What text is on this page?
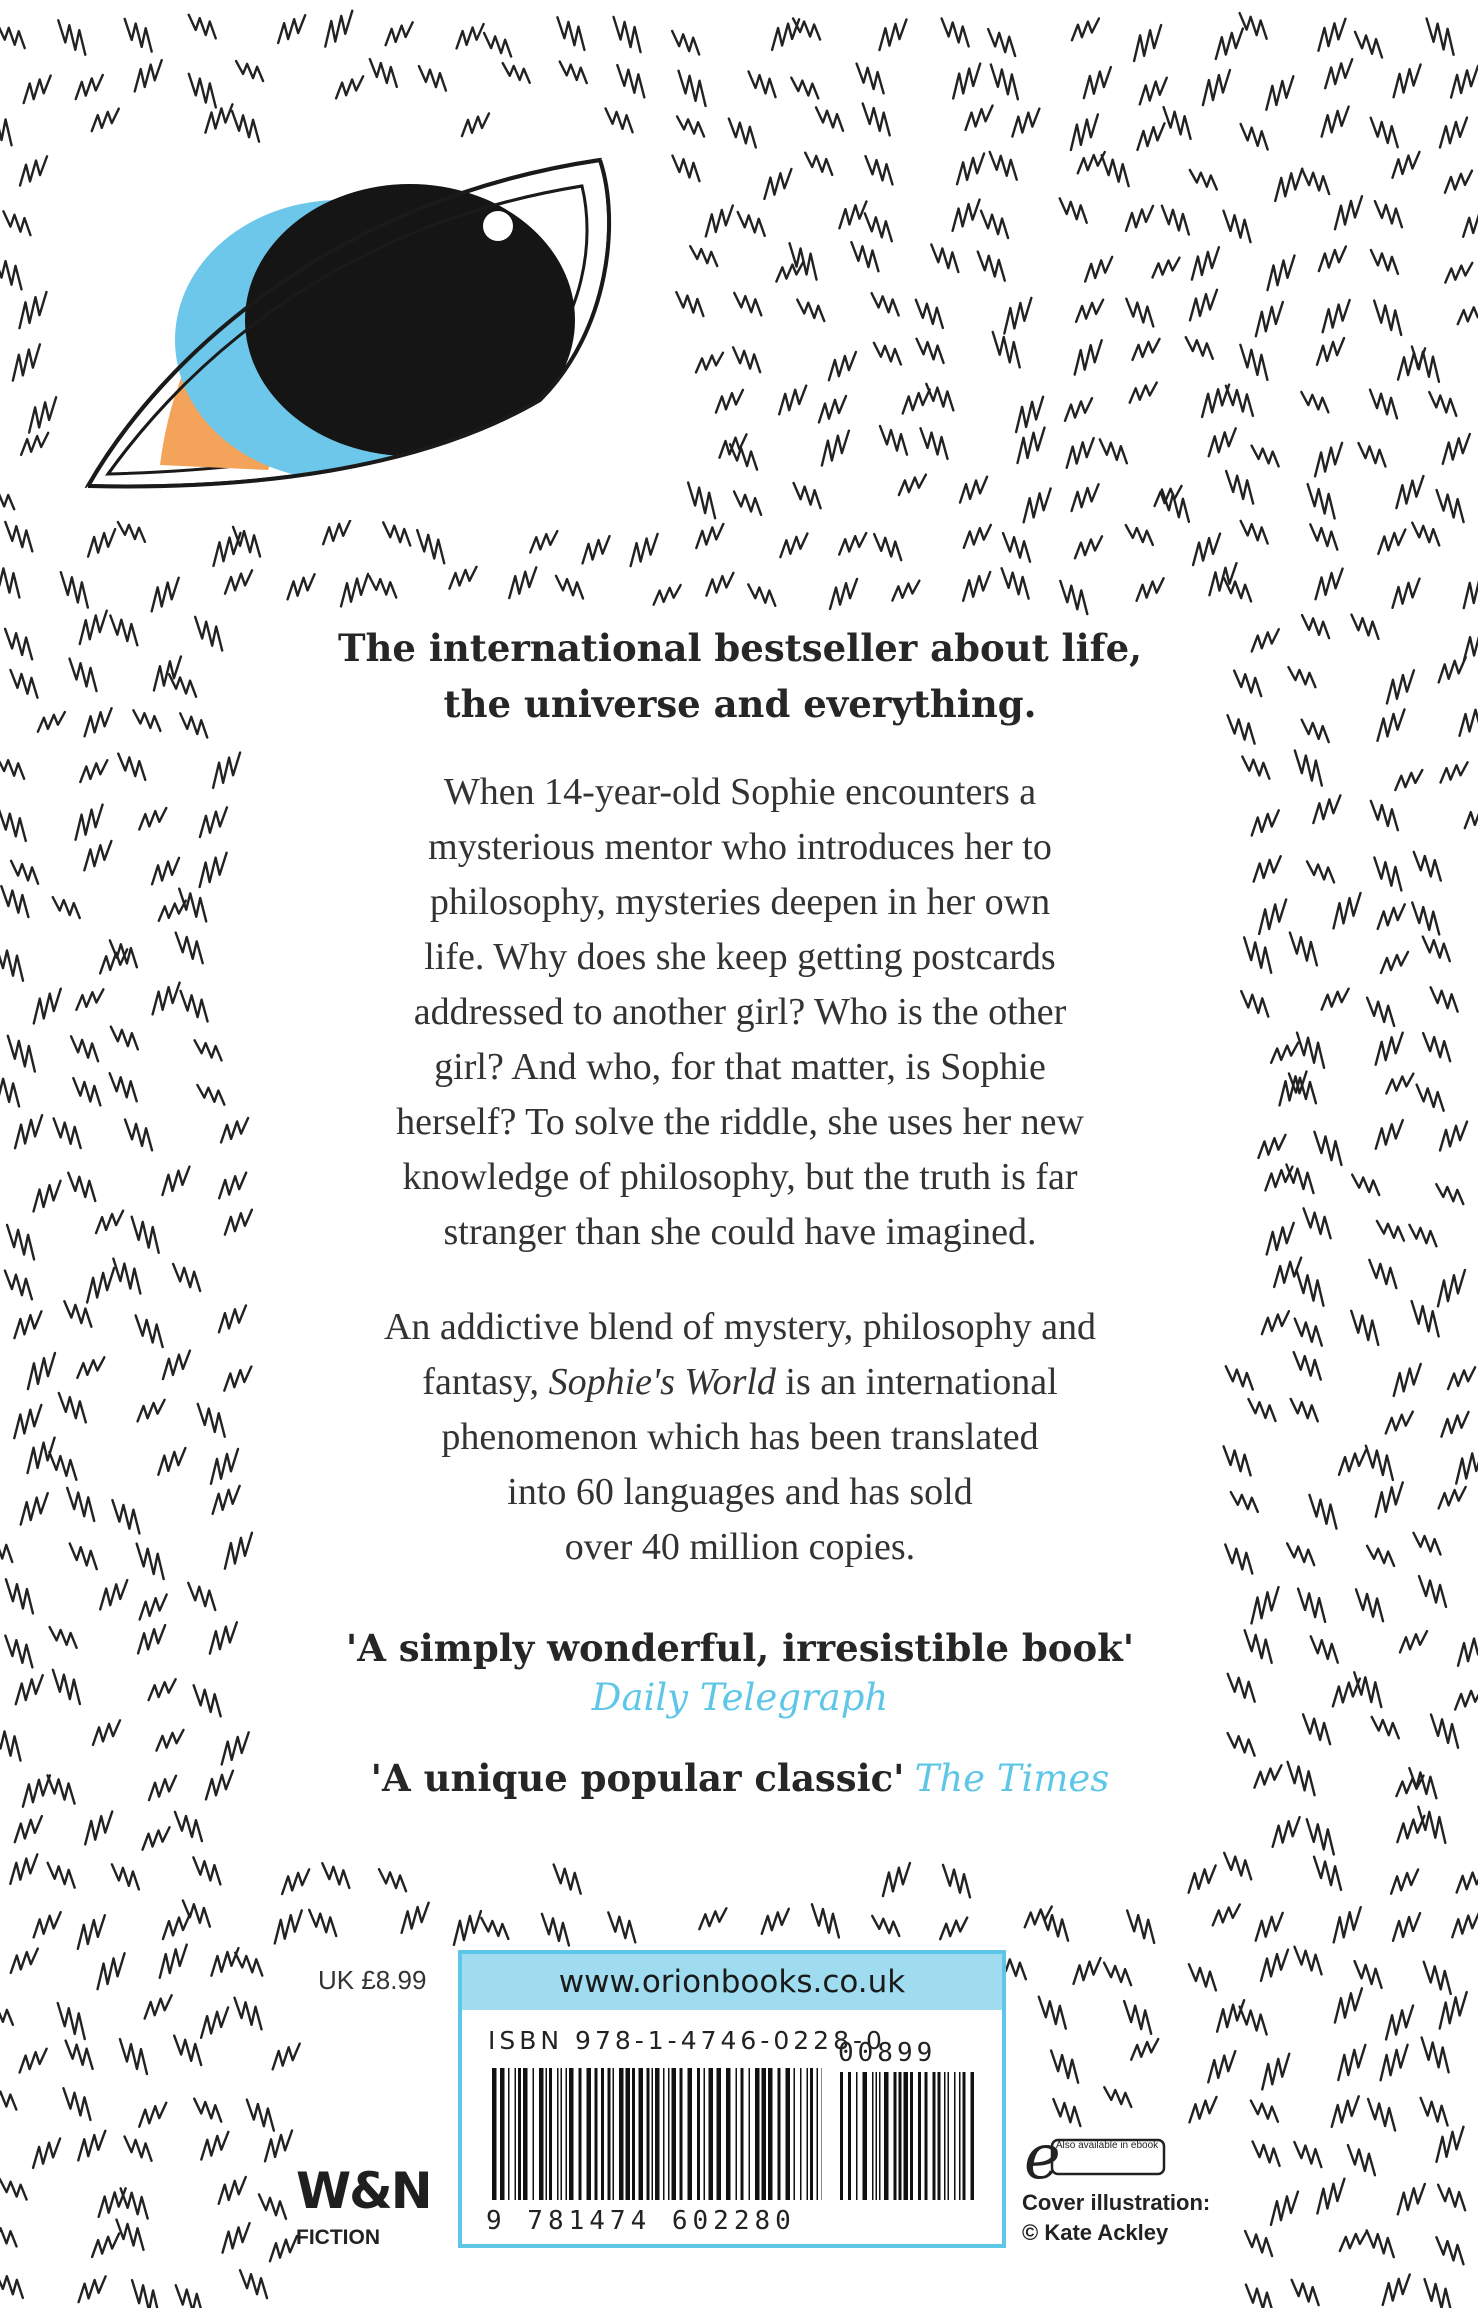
The international bestseller about life,
the universe and everything.

When 14-year-old Sophie encounters a
mysterious mentor who introduces her to
philosophy, mysteries deepen in her own
life. Why does she keep getting postcards
addressed to another girl? Who is the other
girl? And who, for that matter, is Sophie
herself? To solve the riddle, she uses her new
knowledge of philosophy, but the truth is far
stranger than she could have imagined.

An addictive blend of mystery, philosophy and
fantasy, Sophie's World is an international
phenomenon which has been translated
into 60 languages and has sold
over 40 million copies.

'A simply wonderful, irresistible book'
Daily Telegraph
'A unique popular classic' The Times
UK £8.99
W&N
FICTION
www.orionbooks.co.uk
ISBN 978-1-4746-0228-0
00899
9 781474 602280
e
Also available in ebook
Cover illustration:
© Kate Ackley
